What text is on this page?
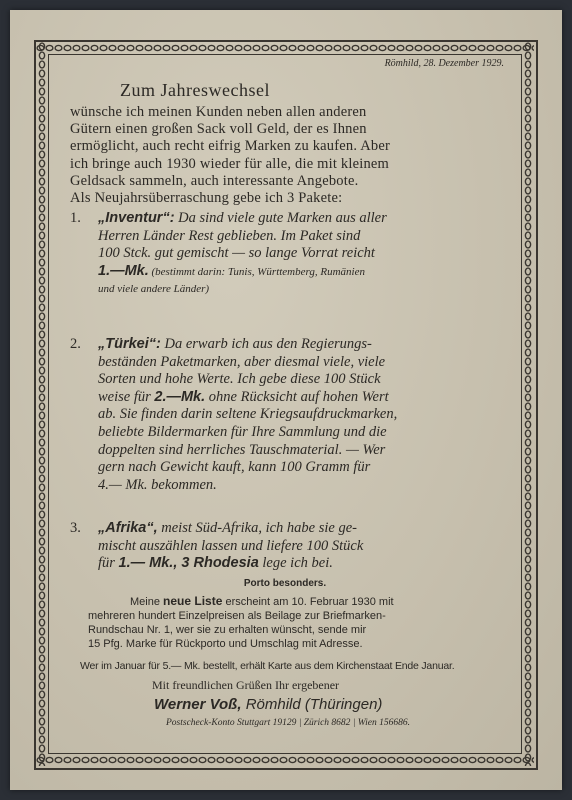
Römhild, 28. Dezember 1929.
Zum Jahreswechsel
wünsche ich meinen Kunden neben allen anderen
Gütern einen großen Sack voll Geld, der es Ihnen
ermöglicht, auch recht eifrig Marken zu kaufen. Aber
ich bringe auch 1930 wieder für alle, die mit kleinem
Geldsack sammeln, auch interessante Angebote.
Als Neujahrsüberraschung gebe ich 3 Pakete:
1. „Inventur“: Da sind viele gute Marken aus aller
Herren Länder Rest geblieben. Im Paket sind
100 Stck. gut gemischt — so lange Vorrat reicht
1.—Mk. (bestimmt darin: Tunis, Württemberg, Rumänien
und viele andere Länder)
2. „Türkei“: Da erwarb ich aus den Regierungs-
beständen Paketmarken, aber diesmal viele, viele
Sorten und hohe Werte. Ich gebe diese 100 Stück
weise für 2.—Mk. ohne Rücksicht auf hohen Wert
ab. Sie finden darin seltene Kriegsaufdruckmarken,
beliebte Bildermarken für Ihre Sammlung und die
doppelten sind herrliches Tauschmaterial. — Wer
gern nach Gewicht kauft, kann 100 Gramm für
4.— Mk. bekommen.
3. „Afrika“, meist Süd-Afrika, ich habe sie ge-
mischt auszählen lassen und liefere 100 Stück
für 1.— Mk., 3 Rhodesia lege ich bei.
Porto besonders.
Meine neue Liste erscheint am 10. Februar 1930 mit
mehreren hundert Einzelpreisen als Beilage zur Briefmarken-
Rundschau Nr. 1, wer sie zu erhalten wünscht, sende mir
15 Pfg. Marke für Rückporto und Umschlag mit Adresse.
Wer im Januar für 5.— Mk. bestellt, erhält Karte aus dem Kirchenstaat Ende Januar.
Mit freundlichen Grüßen Ihr ergebener
Werner Voß, Römhild (Thüringen)
Postscheck-Konto Stuttgart 19129 | Zürich 8682 | Wien 156686.
